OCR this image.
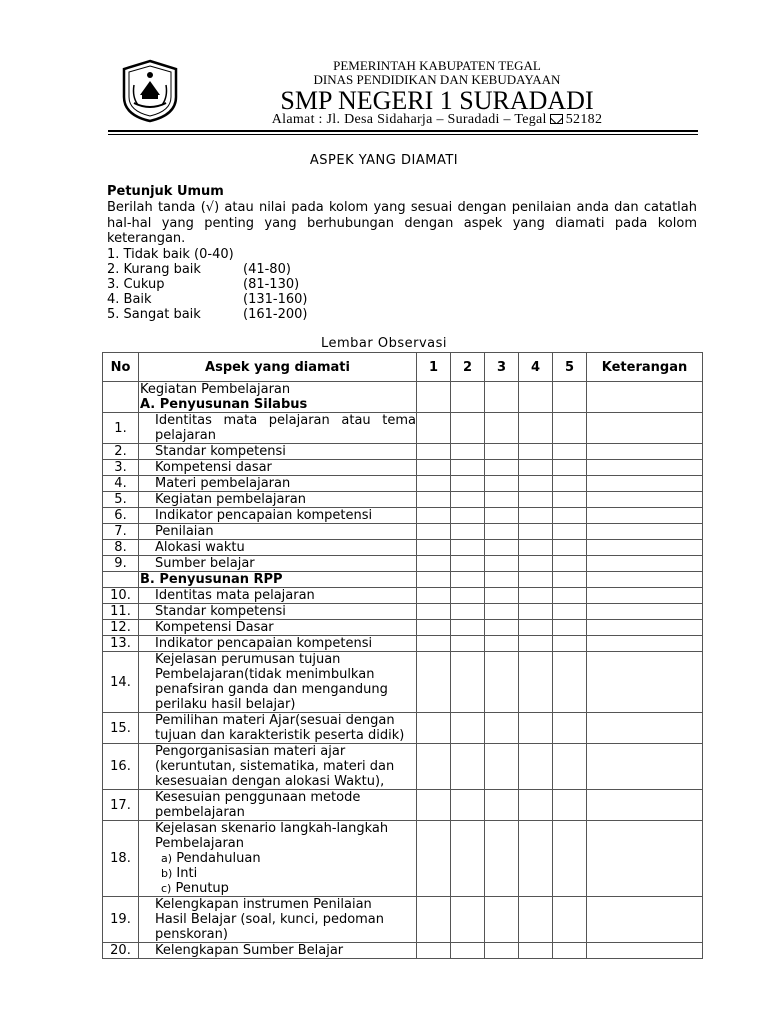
PEMERINTAH KABUPATEN TEGAL
DINAS PENDIDIKAN DAN KEBUDAYAAN
SMP NEGERI 1 SURADADI
Alamat : Jl. Desa Sidaharja – Suradadi – Tegal 52182
ASPEK YANG DIAMATI
Petunjuk Umum
Berilah tanda (√) atau nilai pada kolom yang sesuai dengan penilaian anda dan catatlah hal-hal yang penting yang berhubungan dengan aspek yang diamati pada kolom keterangan.
1. Tidak baik (0-40)
2. Kurang baik	(41-80)
3. Cukup	(81-130)
4. Baik	(131-160)
5. Sangat baik	(161-200)
Lembar Observasi
No	Aspek yang diamati	1	2	3	4	5	Keterangan

	Kegiatan Pembelajaran
A. Penyusunan Silabus						

1.	Identitas mata pelajaran atau tema pelajaran						

2.	Standar kompetensi						

3.	Kompetensi dasar						

4.	Materi pembelajaran						

5.	Kegiatan pembelajaran						

6.	Indikator pencapaian kompetensi						

7.	Penilaian						

8.	Alokasi waktu						

9.	Sumber belajar						

	B. Penyusunan RPP						
10.	Identitas mata pelajaran						

11.	Standar kompetensi						

12.	Kompetensi Dasar						

13.	Indikator pencapaian kompetensi						

14.	Kejelasan perumusan tujuan
Pembelajaran(tidak menimbulkan
penafsiran ganda dan mengandung
perilaku hasil belajar)						

15.	Pemilihan materi Ajar(sesuai dengan
tujuan dan karakteristik peserta didik)						

16.	Pengorganisasian materi ajar
(keruntutan, sistematika, materi dan
kesesuaian dengan alokasi Waktu),						

17.	Kesesuian penggunaan metode
pembelajaran						

18.	Kejelasan skenario langkah-langkah
Pembelajaran
a) Pendahuluan
b) Inti
c) Penutup						

19.	Kelengkapan instrumen Penilaian
Hasil Belajar (soal, kunci, pedoman
penskoran)						

20.	Kelengkapan Sumber Belajar						
